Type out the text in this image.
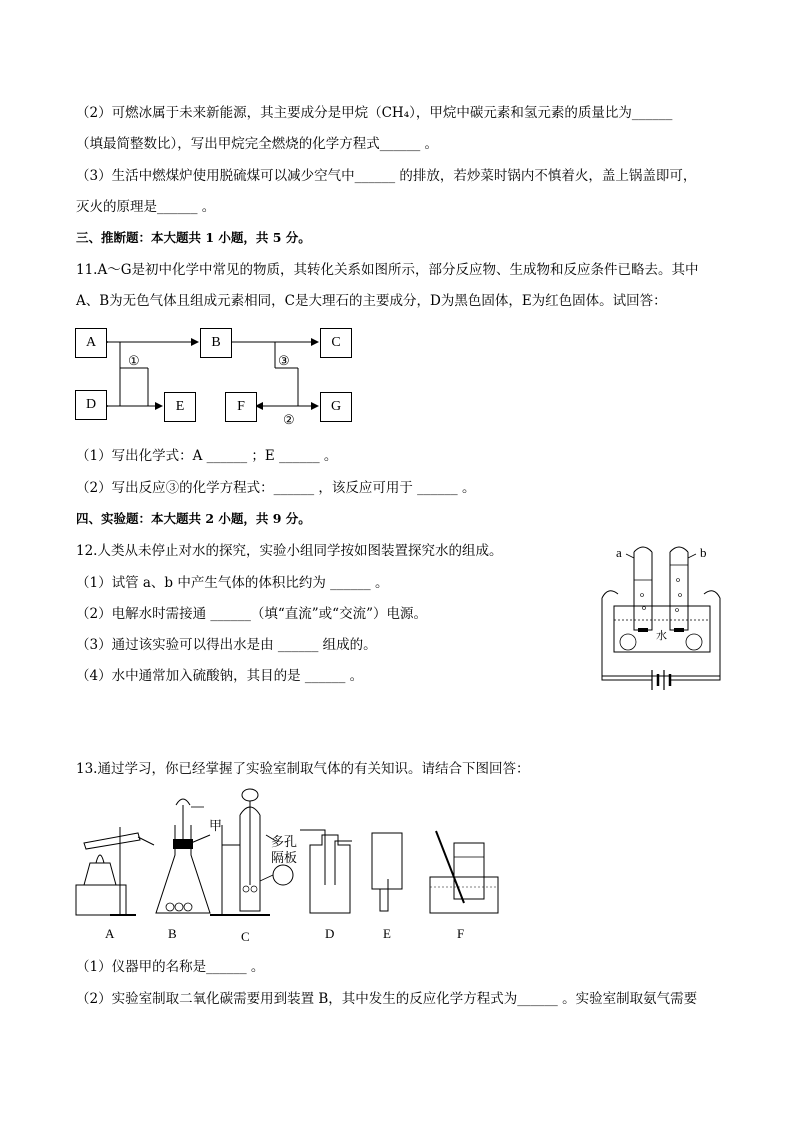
（2）可燃冰属于未来新能源，其主要成分是甲烷（CH₄），甲烷中碳元素和氢元素的质量比为______
（填最简整数比），写出甲烷完全燃烧的化学方程式______ 。
（3）生活中燃煤炉使用脱硫煤可以减少空气中______ 的排放，若炒菜时锅内不慎着火，盖上锅盖即可，
灭火的原理是______ 。
三、推断题：本大题共 1 小题，共 5 分。
11.A～G是初中化学中常见的物质，其转化关系如图所示，部分反应物、生成物和反应条件已略去。其中
A、B为无色气体且组成元素相同，C是大理石的主要成分，D为黑色固体，E为红色固体。试回答：
A	B	C
D	E	F	G
①	③
②
（1）写出化学式：A ______ ；E ______ 。
（2）写出反应③的化学方程式：______ ，该反应可用于 ______ 。
四、实验题：本大题共 2 小题，共 9 分。
12.人类从未停止对水的探究，实验小组同学按如图装置探究水的组成。
（1）试管 a、b 中产生气体的体积比约为 ______ 。
（2）电解水时需接通 ______（填“直流”或“交流”）电源。
（3）通过该实验可以得出水是由 ______ 组成的。
（4）水中通常加入硫酸钠，其目的是 ______ 。
a	b
水
13.通过学习，你已经掌握了实验室制取气体的有关知识。请结合下图回答：
甲
多孔
隔板
A	B	C	D	E	F
（1）仪器甲的名称是______ 。
（2）实验室制取二氧化碳需要用到装置 B，其中发生的反应化学方程式为______ 。实验室制取氨气需要
